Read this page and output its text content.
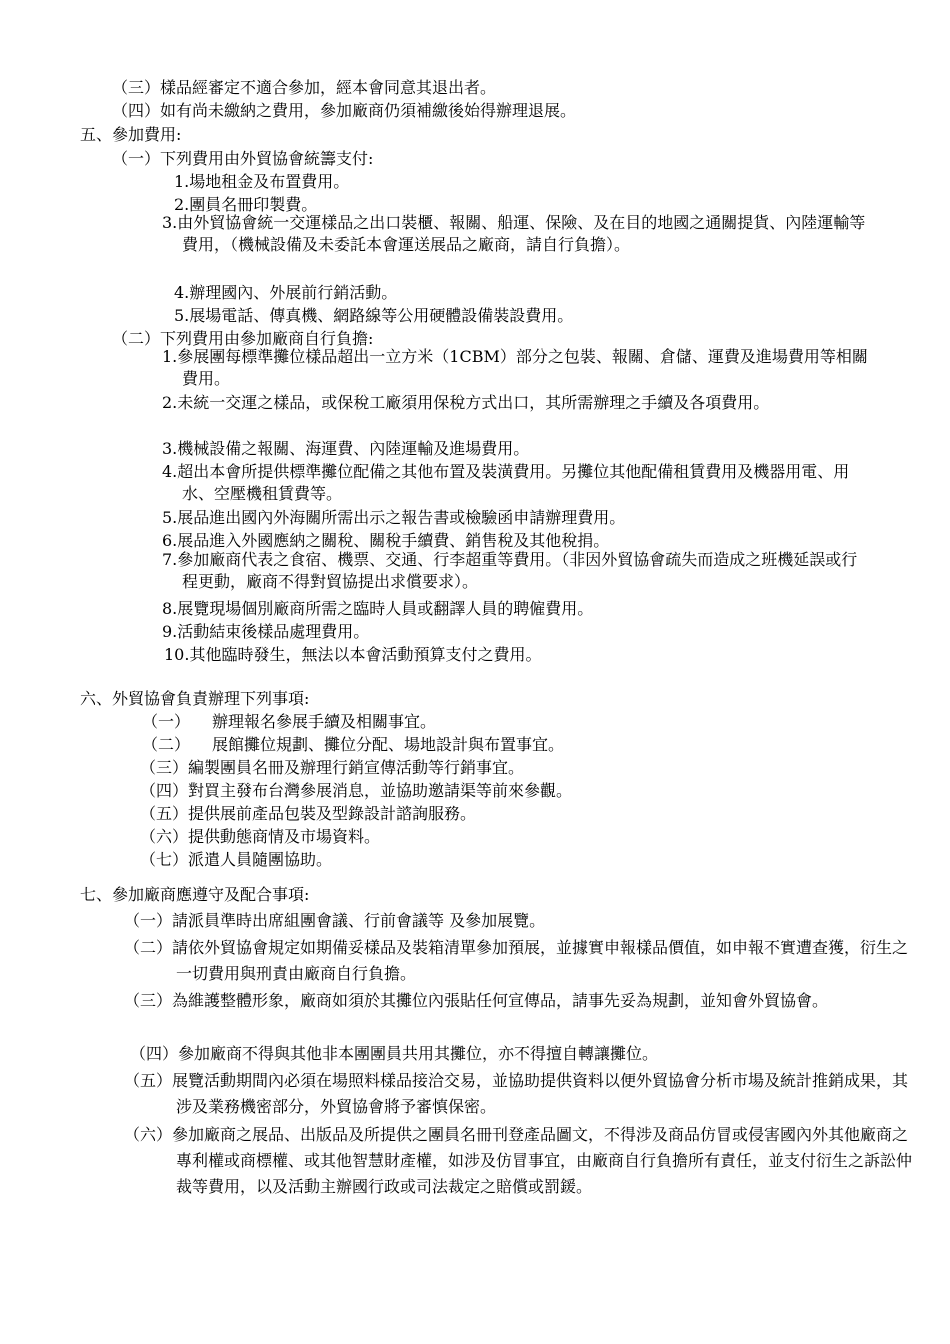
（三）樣品經審定不適合參加，經本會同意其退出者。
（四）如有尚未繳納之費用，參加廠商仍須補繳後始得辦理退展。
五、參加費用:
（一）下列費用由外貿協會統籌支付:
1.場地租金及布置費用。
2.團員名冊印製費。
3.由外貿協會統一交運樣品之出口裝櫃、報關、船運、保險、及在目的地國之通關提貨、內陸運輸等費用，（機械設備及未委託本會運送展品之廠商，請自行負擔）。
4.辦理國內、外展前行銷活動。
5.展場電話、傳真機、網路線等公用硬體設備裝設費用。
（二）下列費用由參加廠商自行負擔:
1.參展團每標準攤位樣品超出一立方米（1CBM）部分之包裝、報關、倉儲、運費及進場費用等相關費用。
2.未統一交運之樣品，或保稅工廠須用保稅方式出口，其所需辦理之手續及各項費用。
3.機械設備之報關、海運費、內陸運輸及進場費用。
4.超出本會所提供標準攤位配備之其他布置及裝潢費用。另攤位其他配備租賃費用及機器用電、用水、空壓機租賃費等。
5.展品進出國內外海關所需出示之報告書或檢驗函申請辦理費用。
6.展品進入外國應納之關稅、關稅手續費、銷售稅及其他稅捐。
7.參加廠商代表之食宿、機票、交通、行李超重等費用。（非因外貿協會疏失而造成之班機延誤或行程更動，廠商不得對貿協提出求償要求）。
8.展覽現場個別廠商所需之臨時人員或翻譯人員的聘僱費用。
9.活動結束後樣品處理費用。
10.其他臨時發生，無法以本會活動預算支付之費用。
六、外貿協會負責辦理下列事項:
（一） 辦理報名參展手續及相關事宜。
（二） 展館攤位規劃、攤位分配、場地設計與布置事宜。
（三）編製團員名冊及辦理行銷宣傳活動等行銷事宜。
（四）對買主發布台灣參展消息，並協助邀請渠等前來參觀。
（五）提供展前產品包裝及型錄設計諮詢服務。
（六）提供動態商情及市場資料。
（七）派遣人員隨團協助。
七、參加廠商應遵守及配合事項:
（一）請派員準時出席組團會議、行前會議等 及參加展覽。
（二）請依外貿協會規定如期備妥樣品及裝箱清單參加預展，並據實申報樣品價值，如申報不實遭查獲，衍生之一切費用與刑責由廠商自行負擔。
（三）為維護整體形象，廠商如須於其攤位內張貼任何宣傳品，請事先妥為規劃，並知會外貿協會。
（四）參加廠商不得與其他非本團團員共用其攤位，亦不得擅自轉讓攤位。
（五）展覽活動期間內必須在場照料樣品接洽交易，並協助提供資料以便外貿協會分析市場及統計推銷成果，其涉及業務機密部分，外貿協會將予審慎保密。
（六）參加廠商之展品、出版品及所提供之團員名冊刊登產品圖文，不得涉及商品仿冒或侵害國內外其他廠商之專利權或商標權、或其他智慧財產權，如涉及仿冒事宜，由廠商自行負擔所有責任，並支付衍生之訴訟仲裁等費用，以及活動主辦國行政或司法裁定之賠償或罰鍰。
